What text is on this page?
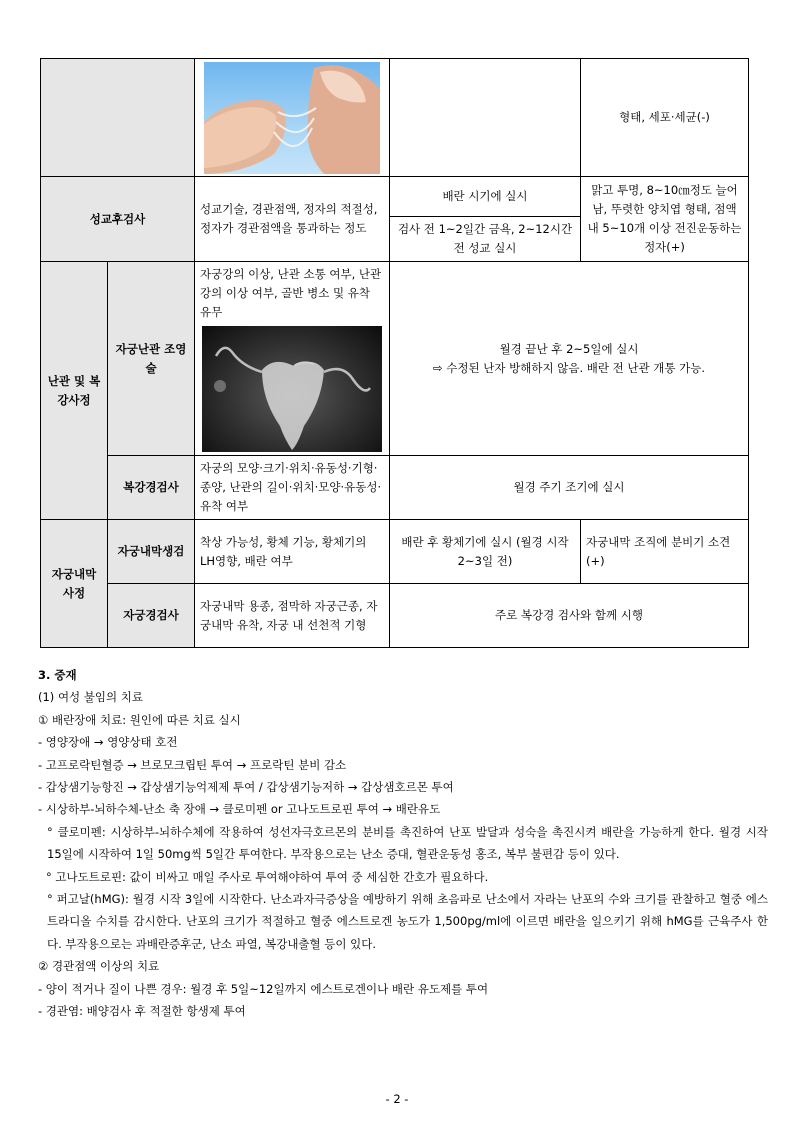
		형태, 세포·세균(-)
성교후검사		성교기술, 경관점액, 정자의 적절성, 정자가 경관점액을 통과하는 정도	배란 시기에 실시	맑고 투명, 8~10㎝정도 늘어남, 뚜렷한 양치엽 형태, 점액 내 5~10개 이상 전진운동하는 정자(+)
			검사 전 1~2일간 금욕, 2~12시간 전 성교 실시	
난관 및 복강사정	자궁난관 조영술	자궁강의 이상, 난관 소통 여부, 난관강의 이상 여부, 골반 병소 및 유착 유무	월경 끝난 후 2~5일에 실시
⇨ 수정된 난자 방해하지 않음. 배란 전 난관 개통 가능.	

	복강경검사	자궁의 모양·크기·위치·유동성·기형·종양, 난관의 길이·위치·모양·유동성·유착 여부	월경 주기 조기에 실시	
자궁내막 사정	자궁내막생검	착상 가능성, 황체 기능, 황체기의 LH영향, 배란 여부	배란 후 황체기에 실시 (월경 시작 2~3일 전)	자궁내막 조직에 분비기 소견(+)
	자궁경검사	자궁내막 용종, 점막하 자궁근종, 자궁내막 유착, 자궁 내 선천적 기형	주로 복강경 검사와 함께 시행	

3. 중재

(1) 여성 불임의 치료

① 배란장애 치료: 원인에 따른 치료 실시

- 영양장애 → 영양상태 호전

- 고프로락틴혈증 → 브로모크립틴 투여 → 프로락틴 분비 감소

- 갑상샘기능항진 → 갑상샘기능억제제 투여 / 갑상샘기능저하 → 갑상샘호르몬 투여

- 시상하부-뇌하수체-난소 축 장애 → 클로미펜 or 고나도트로핀 투여 → 배란유도

° 클로미펜: 시상하부-뇌하수체에 작용하여 성선자극호르몬의 분비를 촉진하여 난포 발달과 성숙을 촉진시켜 배란을 가능하게 한다. 월경 시작 15일에 시작하여 1일 50mg씩 5일간 투여한다. 부작용으로는 난소 증대, 혈관운동성 홍조, 복부 불편감 등이 있다.

° 고나도트로핀: 값이 비싸고 매일 주사로 투여해야하여 투여 중 세심한 간호가 필요하다.

° 퍼고날(hMG): 월경 시작 3일에 시작한다. 난소과자극증상을 예방하기 위해 초음파로 난소에서 자라는 난포의 수와 크기를 관찰하고 혈중 에스트라디올 수치를 감시한다. 난포의 크기가 적절하고 혈중 에스트로겐 농도가 1,500pg/ml에 이르면 배란을 일으키기 위해 hMG를 근육주사 한다. 부작용으로는 과배란증후군, 난소 파열, 복강내출혈 등이 있다.

② 경관점액 이상의 치료

- 양이 적거나 질이 나쁜 경우: 월경 후 5일~12일까지 에스트로겐이나 배란 유도제를 투여

- 경관염: 배양검사 후 적절한 항생제 투여

- 2 -
